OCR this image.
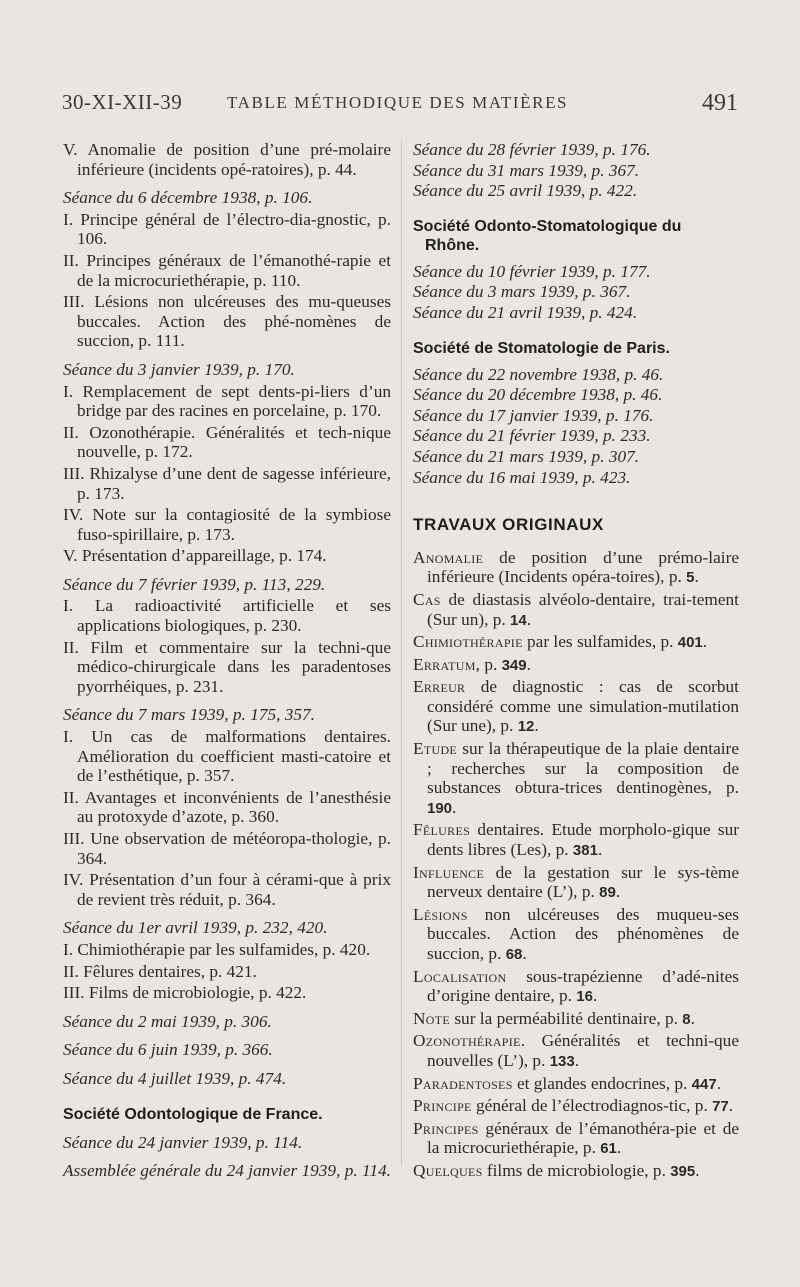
30-XI-XII-39	TABLE MÉTHODIQUE DES MATIÈRES	491
V. Anomalie de position d’une pré-molaire inférieure (incidents opé-ratoires), p. 44.
Séance du 6 décembre 1938, p. 106.
I. Principe général de l’électro-dia-gnostic, p. 106.
II. Principes généraux de l’émanothé-rapie et de la microcuriethérapie, p. 110.
III. Lésions non ulcéreuses des mu-queuses buccales. Action des phé-nomènes de succion, p. 111.
Séance du 3 janvier 1939, p. 170.
I. Remplacement de sept dents-pi-liers d’un bridge par des racines en porcelaine, p. 170.
II. Ozonothérapie. Généralités et tech-nique nouvelle, p. 172.
III. Rhizalyse d’une dent de sagesse inférieure, p. 173.
IV. Note sur la contagiosité de la symbiose fuso-spirillaire, p. 173.
V. Présentation d’appareillage, p. 174.
Séance du 7 février 1939, p. 113, 229.
I. La radioactivité artificielle et ses applications biologiques, p. 230.
II. Film et commentaire sur la techni-que médico-chirurgicale dans les paradentoses pyorrhéiques, p. 231.
Séance du 7 mars 1939, p. 175, 357.
I. Un cas de malformations dentaires. Amélioration du coefficient masti-catoire et de l’esthétique, p. 357.
II. Avantages et inconvénients de l’anesthésie au protoxyde d’azote, p. 360.
III. Une observation de météoropa-thologie, p. 364.
IV. Présentation d’un four à cérami-que à prix de revient très réduit, p. 364.
Séance du 1er avril 1939, p. 232, 420.
I. Chimiothérapie par les sulfamides, p. 420.
II. Fêlures dentaires, p. 421.
III. Films de microbiologie, p. 422.
Séance du 2 mai 1939, p. 306.
Séance du 6 juin 1939, p. 366.
Séance du 4 juillet 1939, p. 474.
Société Odontologique de France.
Séance du 24 janvier 1939, p. 114.
Assemblée générale du 24 janvier 1939, p. 114.
Séance du 28 février 1939, p. 176.
Séance du 31 mars 1939, p. 367.
Séance du 25 avril 1939, p. 422.
Société Odonto-Stomatologique du Rhône.
Séance du 10 février 1939, p. 177.
Séance du 3 mars 1939, p. 367.
Séance du 21 avril 1939, p. 424.
Société de Stomatologie de Paris.
Séance du 22 novembre 1938, p. 46.
Séance du 20 décembre 1938, p. 46.
Séance du 17 janvier 1939, p. 176.
Séance du 21 février 1939, p. 233.
Séance du 21 mars 1939, p. 307.
Séance du 16 mai 1939, p. 423.
TRAVAUX ORIGINAUX
Anomalie de position d’une prémo-laire inférieure (Incidents opéra-toires), p. 5.
Cas de diastasis alvéolo-dentaire, trai-tement (Sur un), p. 14.
Chimiothérapie par les sulfamides, p. 401.
Erratum, p. 349.
Erreur de diagnostic : cas de scorbut considéré comme une simulation-mutilation (Sur une), p. 12.
Etude sur la thérapeutique de la plaie dentaire ; recherches sur la composition de substances obtura-trices dentinogènes, p. 190.
Fêlures dentaires. Etude morpholo-gique sur dents libres (Les), p. 381.
Influence de la gestation sur le sys-tème nerveux dentaire (L’), p. 89.
Lésions non ulcéreuses des muqueu-ses buccales. Action des phénomènes de succion, p. 68.
Localisation sous-trapézienne d’adé-nites d’origine dentaire, p. 16.
Note sur la perméabilité dentinaire, p. 8.
Ozonothérapie. Généralités et techni-que nouvelles (L’), p. 133.
Paradentoses et glandes endocrines, p. 447.
Principe général de l’électrodiagnos-tic, p. 77.
Principes généraux de l’émanothéra-pie et de la microcuriethérapie, p. 61.
Quelques films de microbiologie, p. 395.
